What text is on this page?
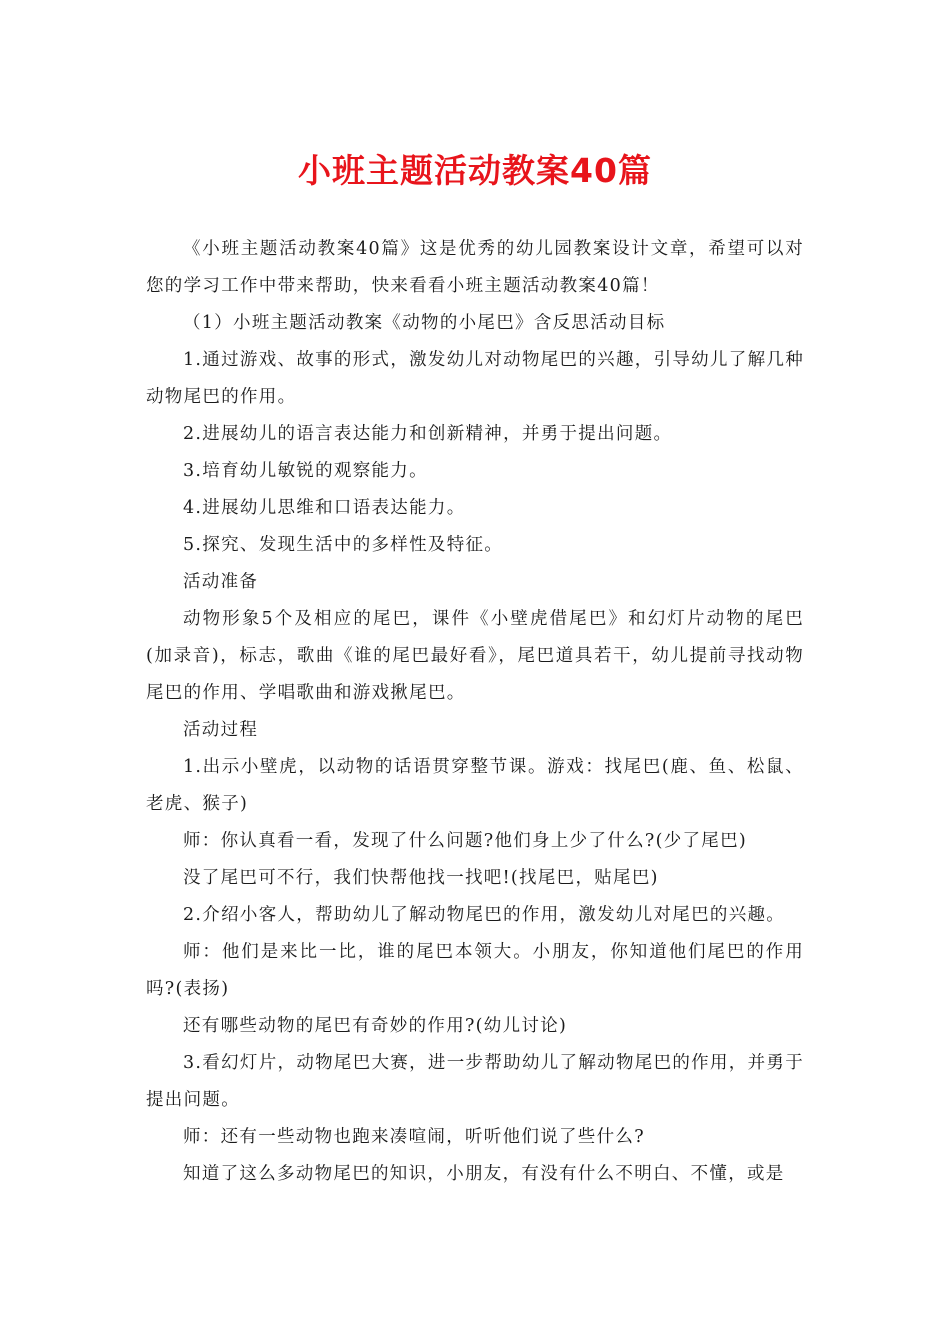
小班主题活动教案40篇

《小班主题活动教案40篇》这是优秀的幼儿园教案设计文章，希望可以对您的学习工作中带来帮助，快来看看小班主题活动教案40篇！

（1）小班主题活动教案《动物的小尾巴》含反思活动目标

1.通过游戏、故事的形式，激发幼儿对动物尾巴的兴趣，引导幼儿了解几种动物尾巴的作用。

2.进展幼儿的语言表达能力和创新精神，并勇于提出问题。

3.培育幼儿敏锐的观察能力。

4.进展幼儿思维和口语表达能力。

5.探究、发现生活中的多样性及特征。

活动准备

动物形象5个及相应的尾巴，课件《小壁虎借尾巴》和幻灯片动物的尾巴(加录音)，标志，歌曲《谁的尾巴最好看》，尾巴道具若干，幼儿提前寻找动物尾巴的作用、学唱歌曲和游戏揪尾巴。

活动过程

1.出示小壁虎，以动物的话语贯穿整节课。游戏：找尾巴(鹿、鱼、松鼠、老虎、猴子)

师：你认真看一看，发现了什么问题?他们身上少了什么?(少了尾巴)

没了尾巴可不行，我们快帮他找一找吧!(找尾巴，贴尾巴)

2.介绍小客人，帮助幼儿了解动物尾巴的作用，激发幼儿对尾巴的兴趣。

师：他们是来比一比，谁的尾巴本领大。小朋友，你知道他们尾巴的作用吗?(表扬)

还有哪些动物的尾巴有奇妙的作用?(幼儿讨论)

3.看幻灯片，动物尾巴大赛，进一步帮助幼儿了解动物尾巴的作用，并勇于提出问题。

师：还有一些动物也跑来凑喧闹，听听他们说了些什么?

知道了这么多动物尾巴的知识，小朋友，有没有什么不明白、不懂，或是
